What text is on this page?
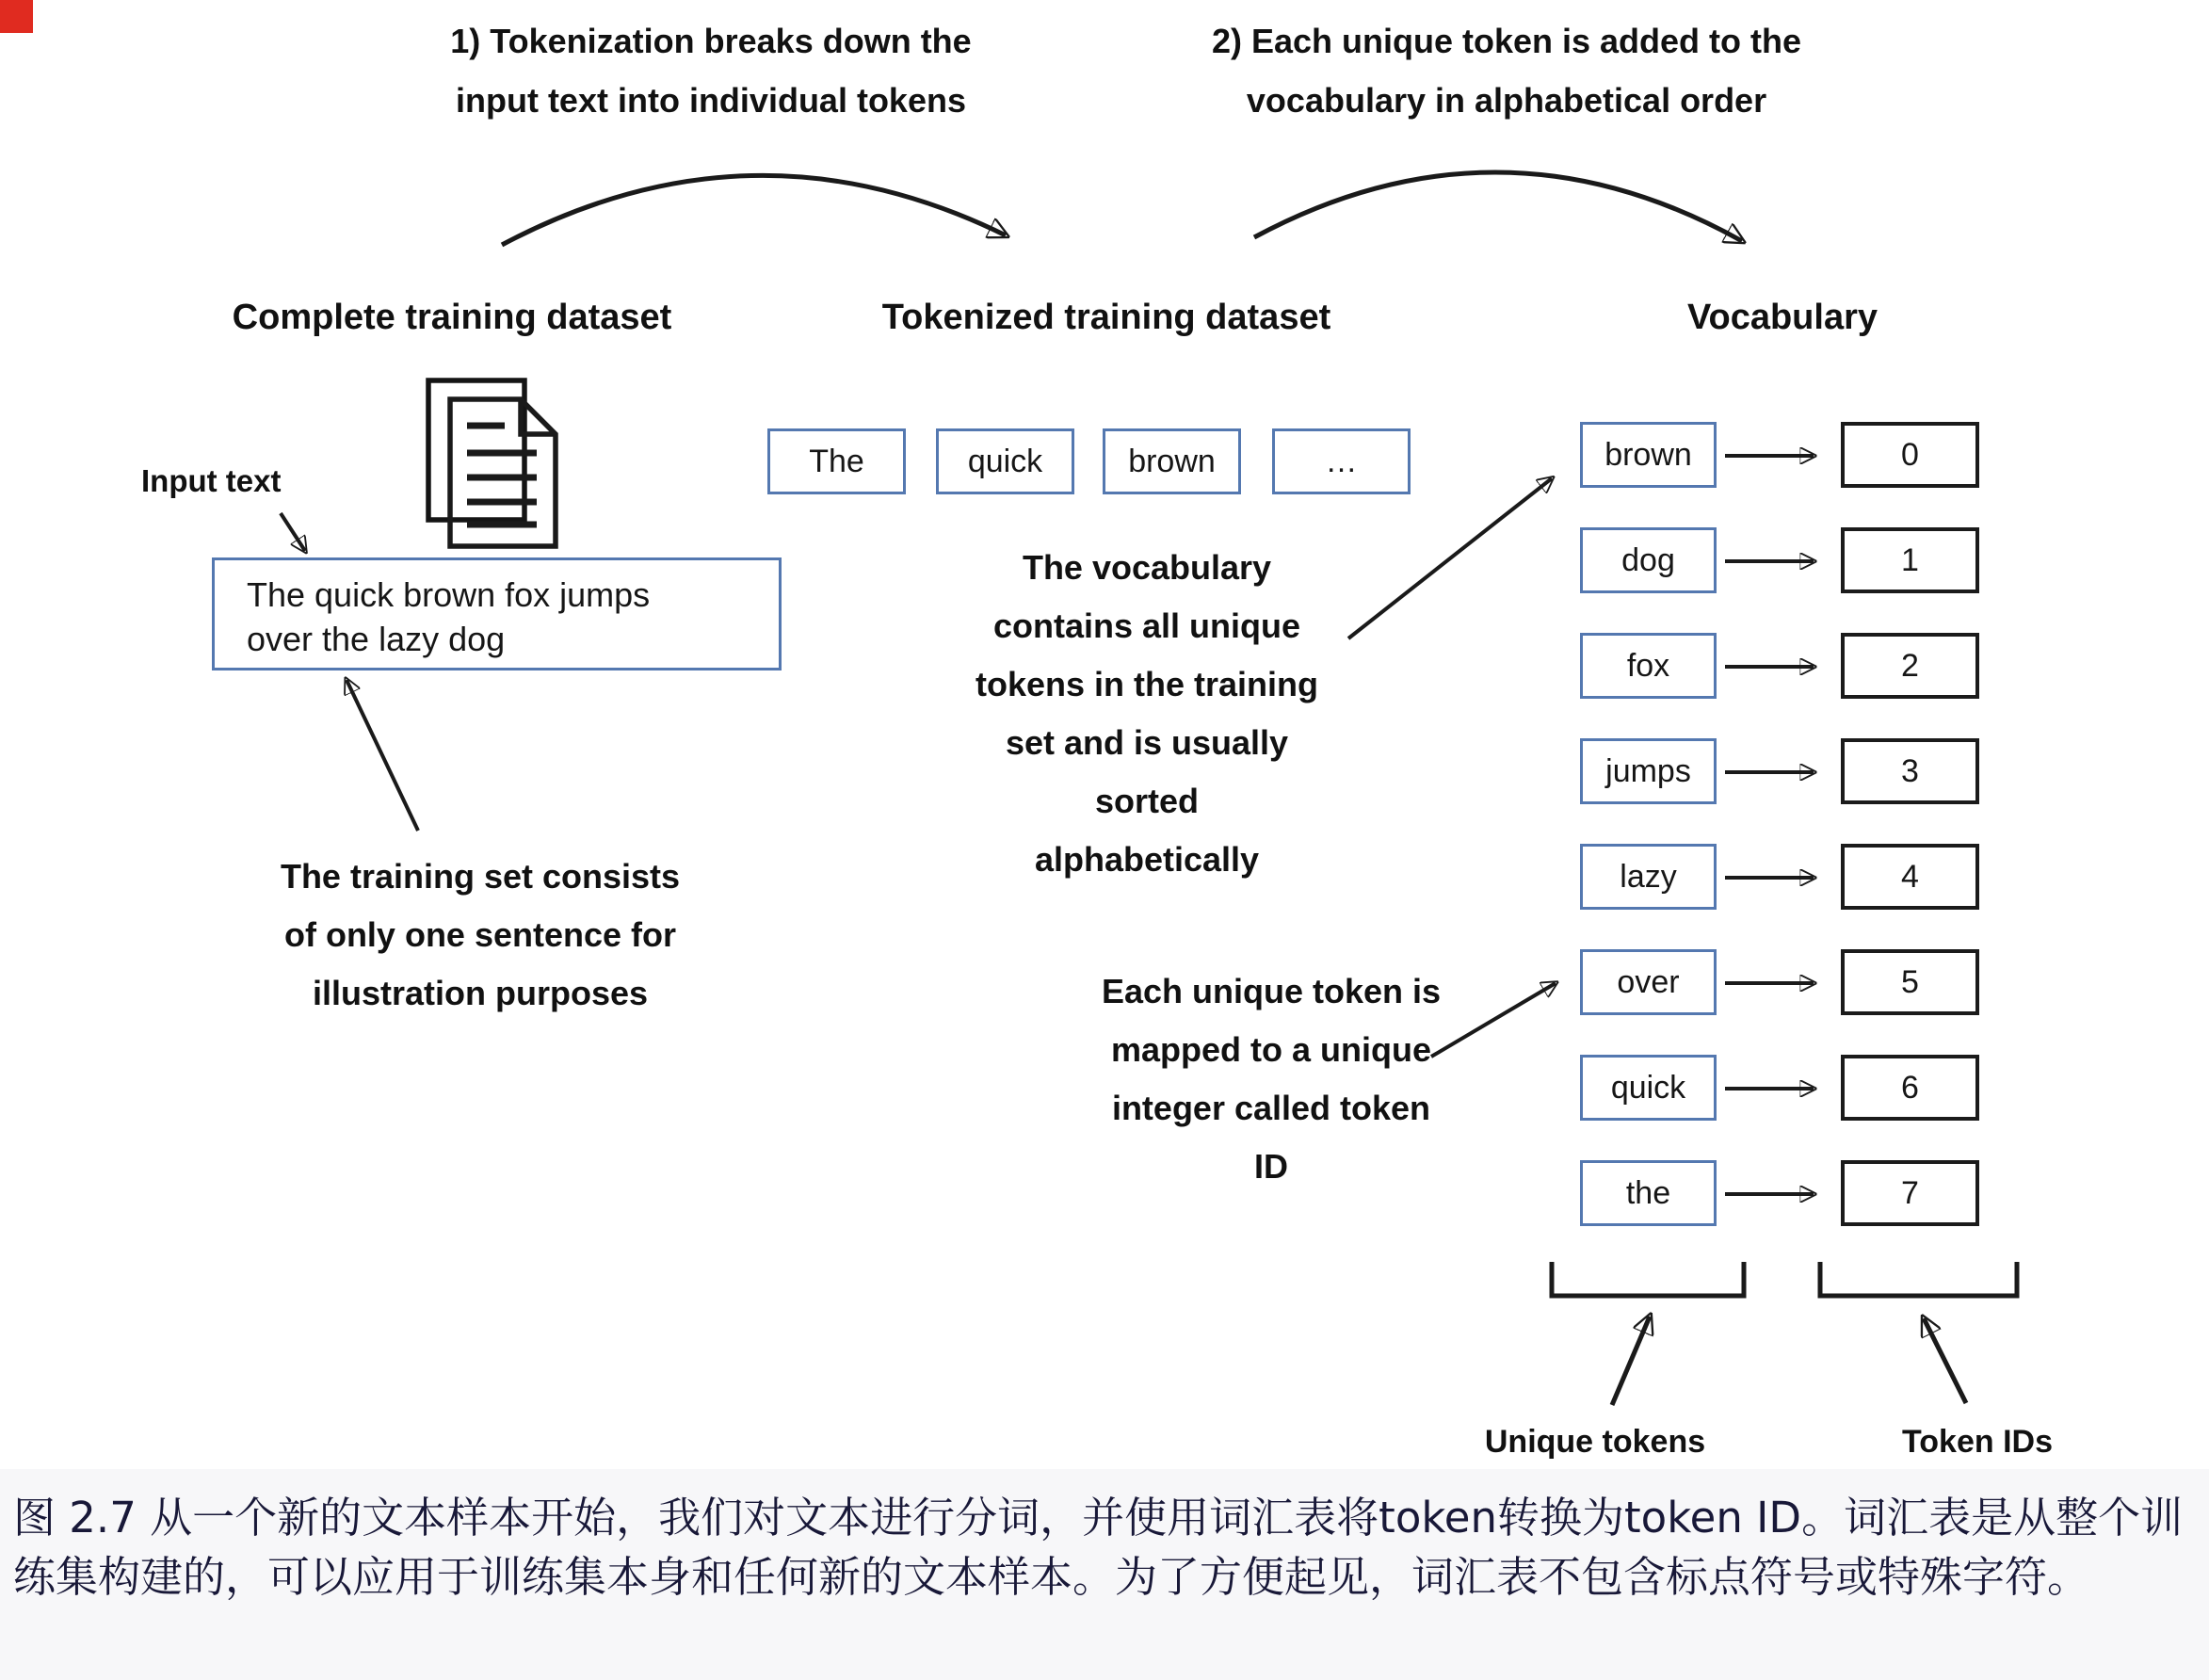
1) Tokenization breaks down the
input text into individual tokens
2) Each unique token is added to the
vocabulary in alphabetical order
Complete training dataset	Tokenized training dataset	Vocabulary
Input text
The quick brown fox jumps
over the lazy dog
The training set consists
of only one sentence for
illustration purposes
The	quick	brown	…
The vocabulary
contains all unique
tokens in the training
set and is usually
sorted
alphabetically
Each unique token is
mapped to a unique
integer called token
ID
brown	0
dog	1
fox	2
jumps	3
lazy	4
over	5
quick	6
the	7
Unique tokens	Token IDs
图 2.7 从一个新的文本样本开始，我们对文本进行分词，并使用词汇表将token转换为token ID。词汇表是从整个训练集构建的，可以应用于训练集本身和任何新的文本样本。为了方便起见，词汇表不包含标点符号或特殊字符。
